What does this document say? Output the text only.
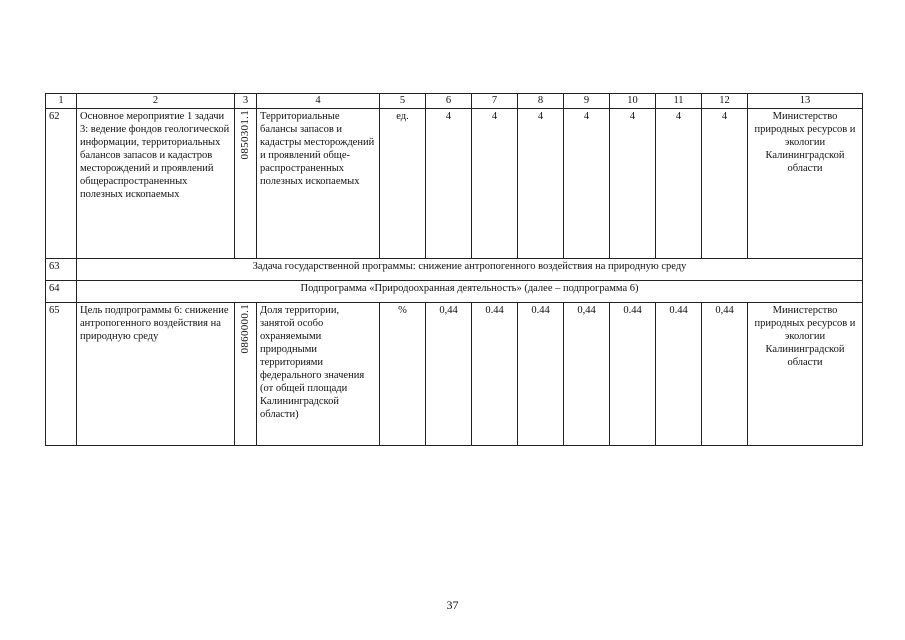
1	2	3	4	5	6	7	8	9	10	11	12	13
62	Основное мероприятие 1 задачи 3: ведение фондов геологической информации, территориальных балансов запасов и кадастров месторождений и проявлений общераспространенных полезных ископаемых	0850301.1	Территориальные балансы запасов и кадастры месторождений и проявлений обще-распространенных полезных ископаемых	ед.	4	4	4	4	4	4	4	Министерство природных ресурсов и экологии Калининградской области
63	Задача государственной программы: снижение антропогенного воздействия на природную среду											
64	Подпрограмма «Природоохранная деятельность» (далее – подпрограмма 6)											
65	Цель подпрограммы 6: снижение антропогенного воздействия на природную среду	0860000.1	Доля территории, занятой особо охраняемыми природными территориями федерального значения (от общей площади Калининградской области)	%	0,44	0.44	0.44	0,44	0.44	0.44	0,44	Министерство природных ресурсов и экологии Калининградской области
37
